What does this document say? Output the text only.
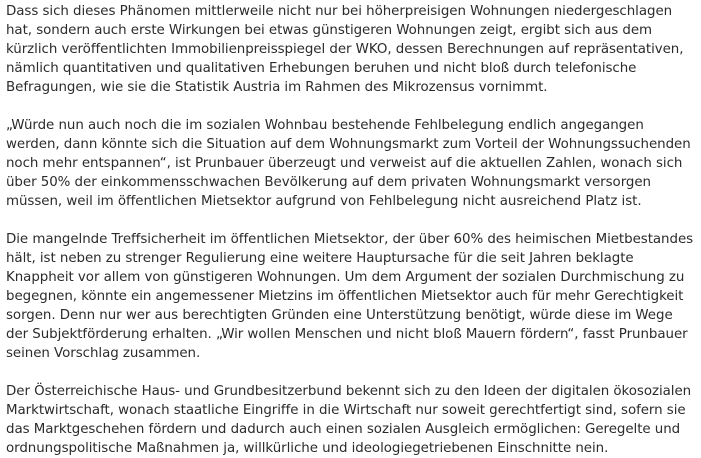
Dass sich dieses Phänomen mittlerweile nicht nur bei höherpreisigen Wohnungen niedergeschlagen hat, sondern auch erste Wirkungen bei etwas günstigeren Wohnungen zeigt, ergibt sich aus dem kürzlich veröffentlichten Immobilienpreisspiegel der WKO, dessen Berechnungen auf repräsentativen, nämlich quantitativen und qualitativen Erhebungen beruhen und nicht bloß durch telefonische Befragungen, wie sie die Statistik Austria im Rahmen des Mikrozensus vornimmt.

„Würde nun auch noch die im sozialen Wohnbau bestehende Fehlbelegung endlich angegangen werden, dann könnte sich die Situation auf dem Wohnungsmarkt zum Vorteil der Wohnungssuchenden noch mehr entspannen“, ist Prunbauer überzeugt und verweist auf die aktuellen Zahlen, wonach sich über 50% der einkommensschwachen Bevölkerung auf dem privaten Wohnungsmarkt versorgen müssen, weil im öffentlichen Mietsektor aufgrund von Fehlbelegung nicht ausreichend Platz ist.

Die mangelnde Treffsicherheit im öffentlichen Mietsektor, der über 60% des heimischen Mietbestandes hält, ist neben zu strenger Regulierung eine weitere Hauptursache für die seit Jahren beklagte Knappheit vor allem von günstigeren Wohnungen. Um dem Argument der sozialen Durchmischung zu begegnen, könnte ein angemessener Mietzins im öffentlichen Mietsektor auch für mehr Gerechtigkeit sorgen. Denn nur wer aus berechtigten Gründen eine Unterstützung benötigt, würde diese im Wege der Subjektförderung erhalten. „Wir wollen Menschen und nicht bloß Mauern fördern“, fasst Prunbauer seinen Vorschlag zusammen.

Der Österreichische Haus- und Grundbesitzerbund bekennt sich zu den Ideen der digitalen ökosozialen Marktwirtschaft, wonach staatliche Eingriffe in die Wirtschaft nur soweit gerechtfertigt sind, sofern sie das Marktgeschehen fördern und dadurch auch einen sozialen Ausgleich ermöglichen: Geregelte und ordnungspolitische Maßnahmen ja, willkürliche und ideologiegetriebenen Einschnitte nein.
